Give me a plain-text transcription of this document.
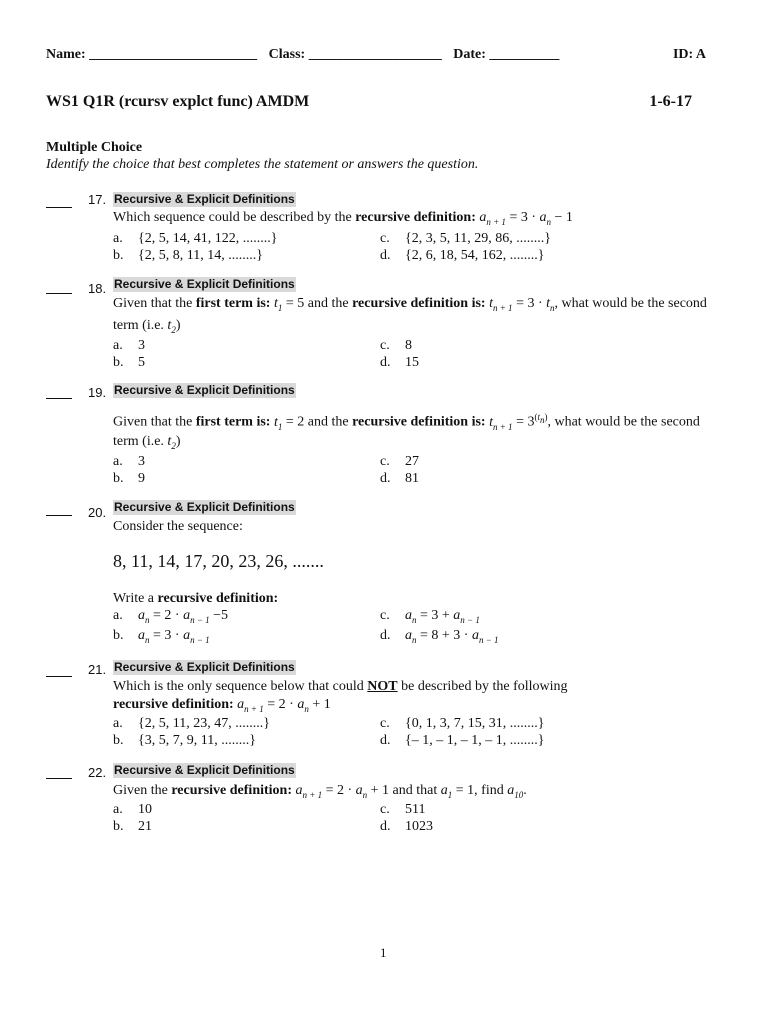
Name: ________________________ Class: ___________________ Date: __________	ID: A
WS1 Q1R (rcursv explct func) AMDM	1-6-17
Multiple Choice
Identify the choice that best completes the statement or answers the question.
17. Recursive & Explicit Definitions
Which sequence could be described by the recursive definition: $a_{n + 1} = 3 \cdot a_n - 1$
a. {2, 5, 14, 41, 122, ........}
b. {2, 5, 8, 11, 14, ........}
c. {2, 3, 5, 11, 29, 86, ........}
d. {2, 6, 18, 54, 162, ........}
18. Recursive & Explicit Definitions
Given that the first term is: $t_1 = 5$ and the recursive definition is: $t_{n + 1} = 3 \cdot t_n$, what would be the second
term (i.e. $t_2$)
a. 3
b. 5
c. 8
d. 15
19. Recursive & Explicit Definitions
Given that the first term is: $t_1 = 2$ and the recursive definition is: $t_{n + 1} = 3^{(t_n)}$, what would be the second
term (i.e. $t_2$)
a. 3
b. 9
c. 27
d. 81
20. Recursive & Explicit Definitions
Consider the sequence:
8, 11, 14, 17, 20, 23, 26, .......
Write a recursive definition:
a. $a_n = 2 \cdot a_{n - 1} -5$
b. $a_n = 3 \cdot a_{n - 1}$
c. $a_n = 3 + a_{n - 1}$
d. $a_n = 8 + 3 \cdot a_{n - 1}$
21. Recursive & Explicit Definitions
Which is the only sequence below that could NOT be described by the following
recursive definition: $a_{n + 1} = 2 \cdot a_n + 1$
a. {2, 5, 11, 23, 47, ........}
b. {3, 5, 7, 9, 11, ........}
c. {0, 1, 3, 7, 15, 31, ........}
d. {– 1, – 1, – 1, – 1, ........}
22. Recursive & Explicit Definitions
Given the recursive definition: $a_{n + 1} = 2 \cdot a_n + 1$ and that $a_1 = 1$, find $a_{10}$.
a. 10
b. 21
c. 511
d. 1023
1
